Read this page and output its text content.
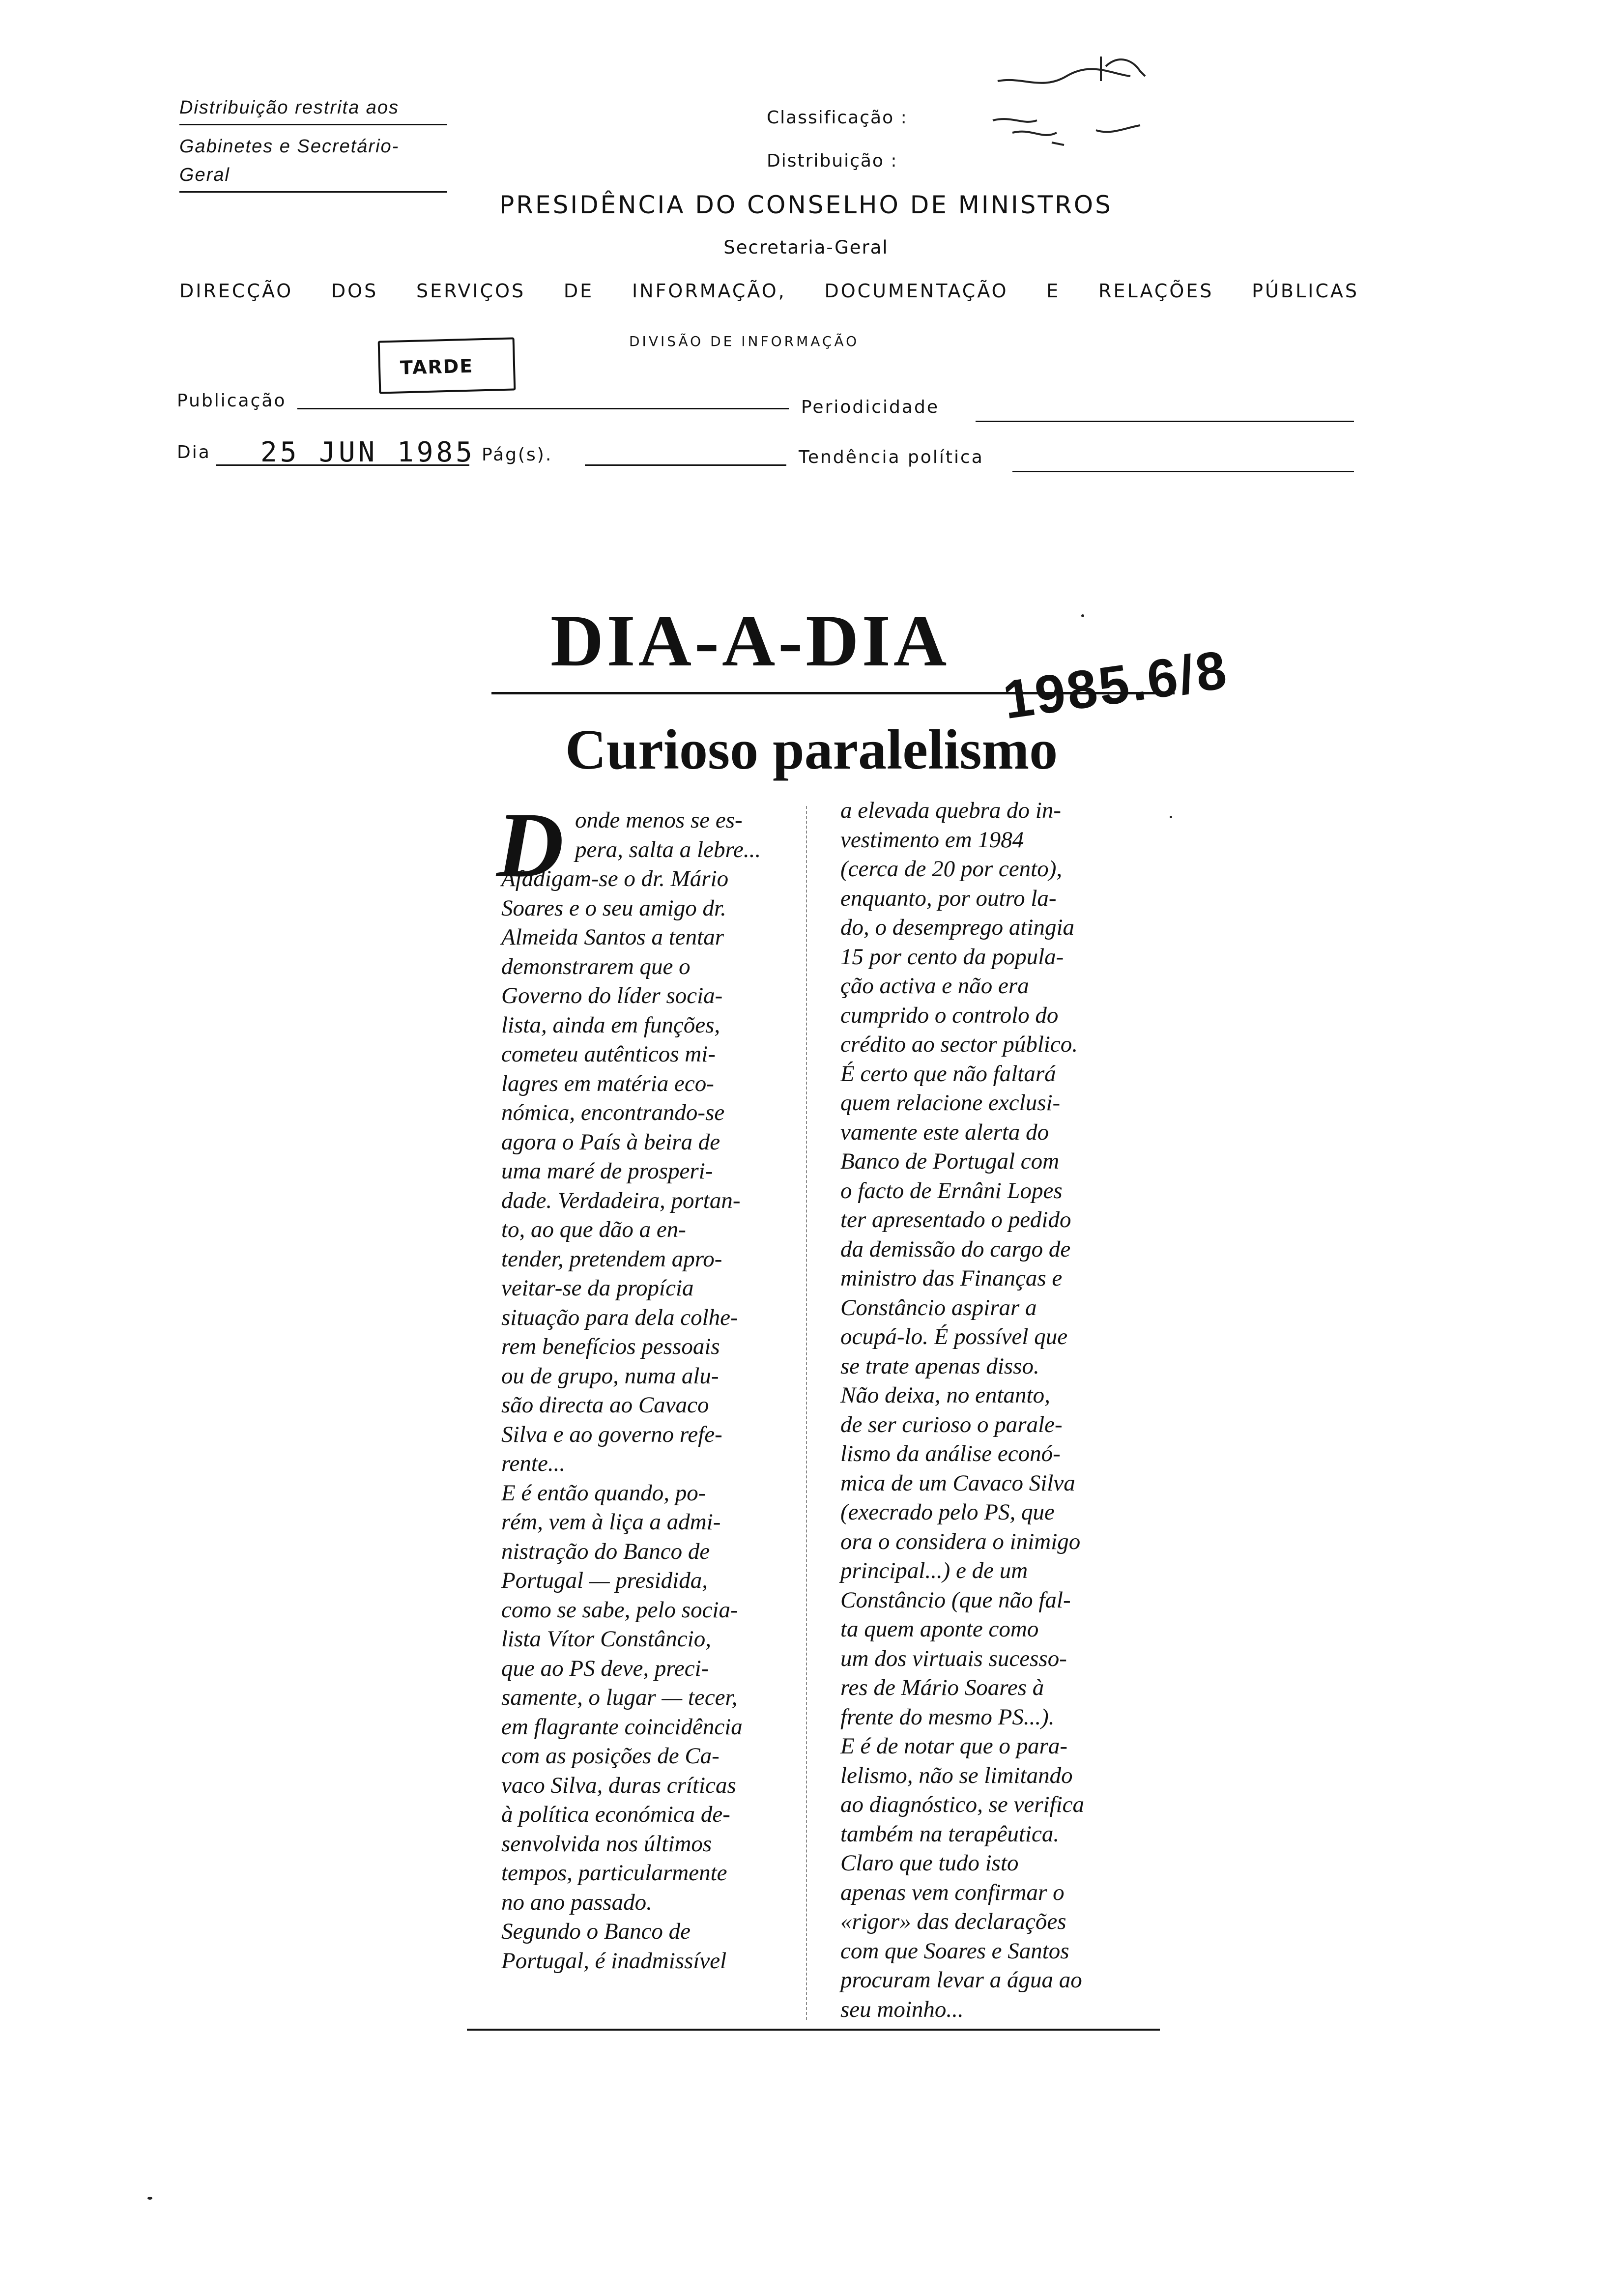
Distribuição restrita aos
Gabinetes e Secretário-Geral
Classificação :
Distribuição :
PRESIDÊNCIA DO CONSELHO DE MINISTROS
Secretaria-Geral
DIRECÇÃO DOS SERVIÇOS DE INFORMAÇÃO, DOCUMENTAÇÃO E RELAÇÕES PÚBLICAS
DIVISÃO DE INFORMAÇÃO
TARDE
Publicação	Periodicidade
Dia 25 JUN 1985 Pág(s).	Tendência política
DIA-A-DIA 1985.6/8
Curioso paralelismo
D onde menos se es-
pera, salta a lebre...
Afadigam-se o dr. Mário
Soares e o seu amigo dr.
Almeida Santos a tentar
demonstrarem que o
Governo do líder socia-
lista, ainda em funções,
cometeu autênticos mi-
lagres em matéria eco-
nómica, encontrando-se
agora o País à beira de
uma maré de prosperi-
dade. Verdadeira, portan-
to, ao que dão a en-
tender, pretendem apro-
veitar-se da propícia
situação para dela colhe-
rem benefícios pessoais
ou de grupo, numa alu-
são directa ao Cavaco
Silva e ao governo refe-
rente...
E é então quando, po-
rém, vem à liça a admi-
nistração do Banco de
Portugal — presidida,
como se sabe, pelo socia-
lista Vítor Constâncio,
que ao PS deve, preci-
samente, o lugar — tecer,
em flagrante coincidência
com as posições de Ca-
vaco Silva, duras críticas
à política económica de-
senvolvida nos últimos
tempos, particularmente
no ano passado.
Segundo o Banco de
Portugal, é inadmissível
a elevada quebra do in-
vestimento em 1984
(cerca de 20 por cento),
enquanto, por outro la-
do, o desemprego atingia
15 por cento da popula-
ção activa e não era
cumprido o controlo do
crédito ao sector público.
É certo que não faltará
quem relacione exclusi-
vamente este alerta do
Banco de Portugal com
o facto de Ernâni Lopes
ter apresentado o pedido
da demissão do cargo de
ministro das Finanças e
Constâncio aspirar a
ocupá-lo. É possível que
se trate apenas disso.
Não deixa, no entanto,
de ser curioso o parale-
lismo da análise econó-
mica de um Cavaco Silva
(execrado pelo PS, que
ora o considera o inimigo
principal...) e de um
Constâncio (que não fal-
ta quem aponte como
um dos virtuais sucesso-
res de Mário Soares à
frente do mesmo PS...).
E é de notar que o para-
lelismo, não se limitando
ao diagnóstico, se verifica
também na terapêutica.
Claro que tudo isto
apenas vem confirmar o
«rigor» das declarações
com que Soares e Santos
procuram levar a água ao
seu moinho...
